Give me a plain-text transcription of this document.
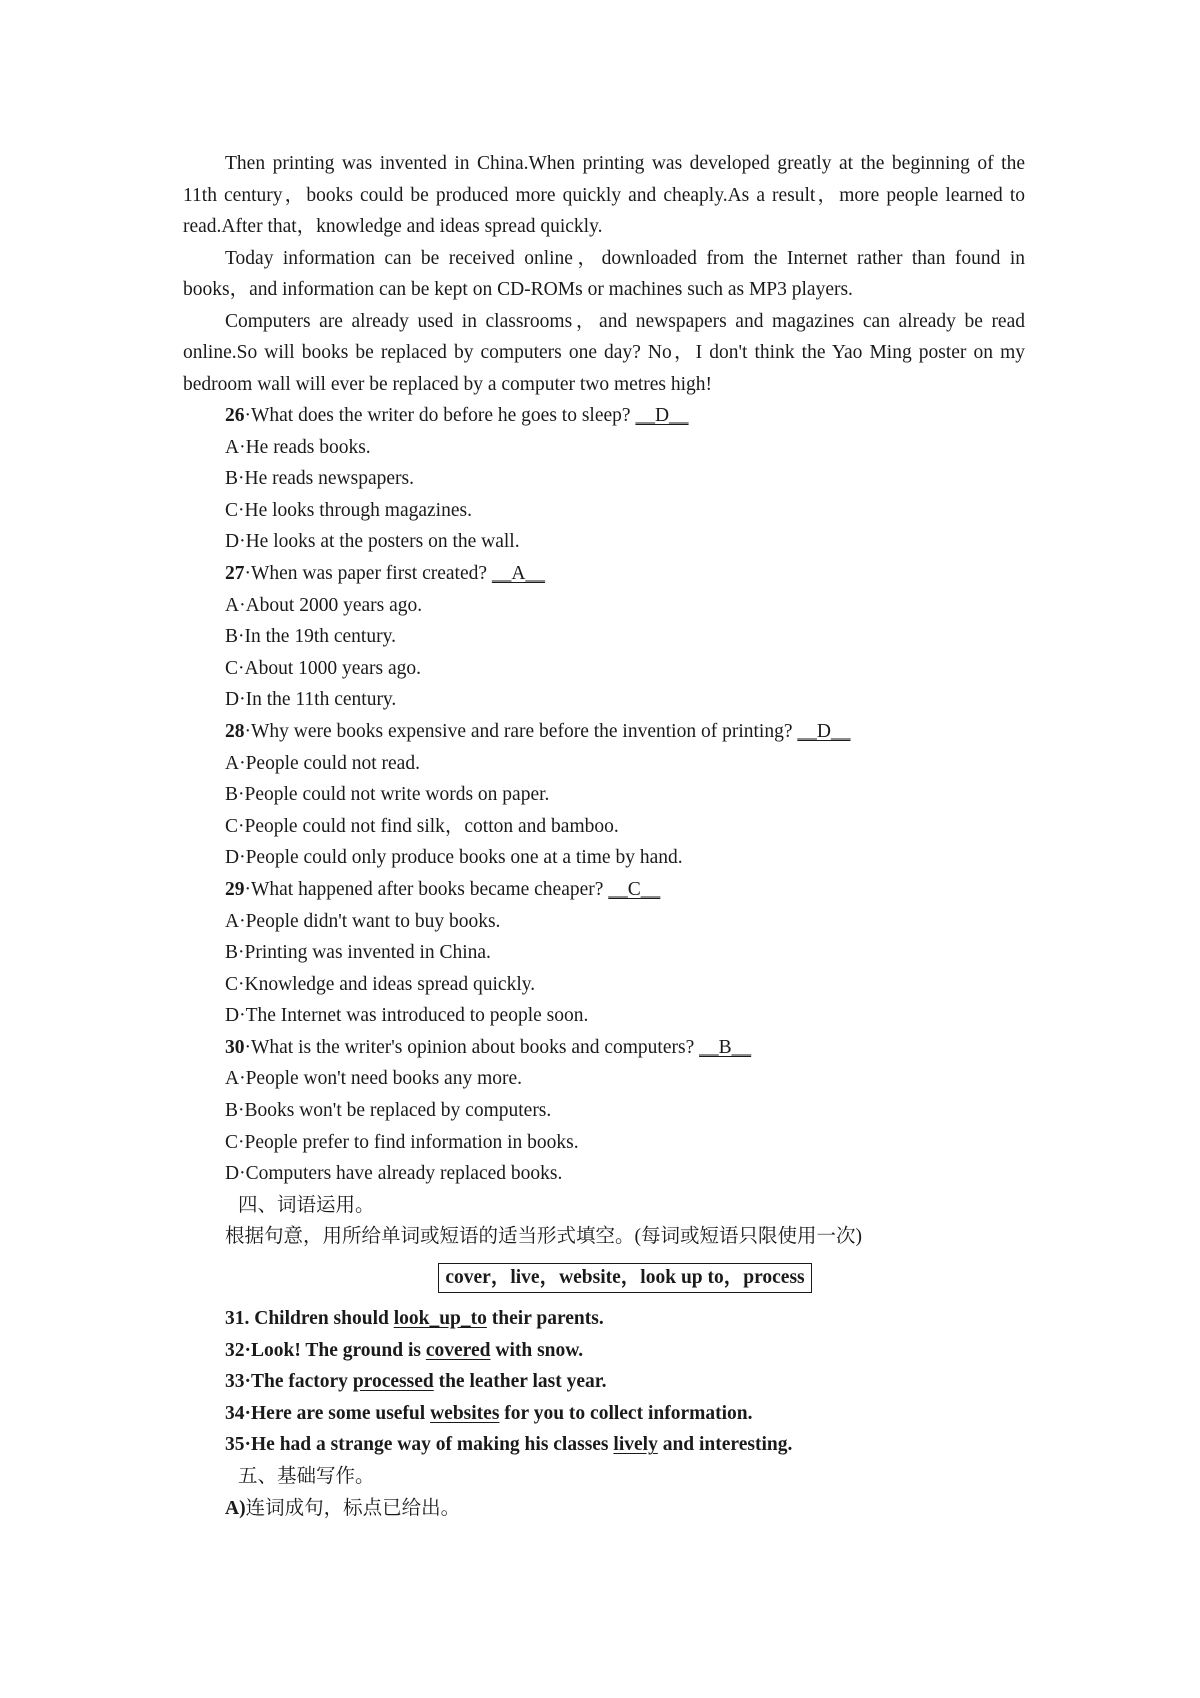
Then printing was invented in China.When printing was developed greatly at the beginning of the 11th century，books could be produced more quickly and cheaply.As a result，more people learned to read.After that，knowledge and ideas spread quickly.

Today information can be received online，downloaded from the Internet rather than found in books，and information can be kept on CD-ROMs or machines such as MP3 players.

Computers are already used in classrooms，and newspapers and magazines can already be read online.So will books be replaced by computers one day? No，I don't think the Yao Ming poster on my bedroom wall will ever be replaced by a computer two metres high!

26·What does the writer do before he goes to sleep? __D__
A·He reads books.
B·He reads newspapers.
C·He looks through magazines.
D·He looks at the posters on the wall.
27·When was paper first created? __A__
A·About 2000 years ago.
B·In the 19th century.
C·About 1000 years ago.
D·In the 11th century.
28·Why were books expensive and rare before the invention of printing? __D__
A·People could not read.
B·People could not write words on paper.
C·People could not find silk，cotton and bamboo.
D·People could only produce books one at a time by hand.
29·What happened after books became cheaper? __C__
A·People didn't want to buy books.
B·Printing was invented in China.
C·Knowledge and ideas spread quickly.
D·The Internet was introduced to people soon.
30·What is the writer's opinion about books and computers? __B__
A·People won't need books any more.
B·Books won't be replaced by computers.
C·People prefer to find information in books.
D·Computers have already replaced books.
四、词语运用。
根据句意，用所给单词或短语的适当形式填空。(每词或短语只限使用一次)
cover，live，website，look up to，process
31. Children should look_up_to their parents.
32·Look! The ground is covered with snow.
33·The factory processed the leather last year.
34·Here are some useful websites for you to collect information.
35·He had a strange way of making his classes lively and interesting.
五、基础写作。
A)连词成句，标点已给出。
